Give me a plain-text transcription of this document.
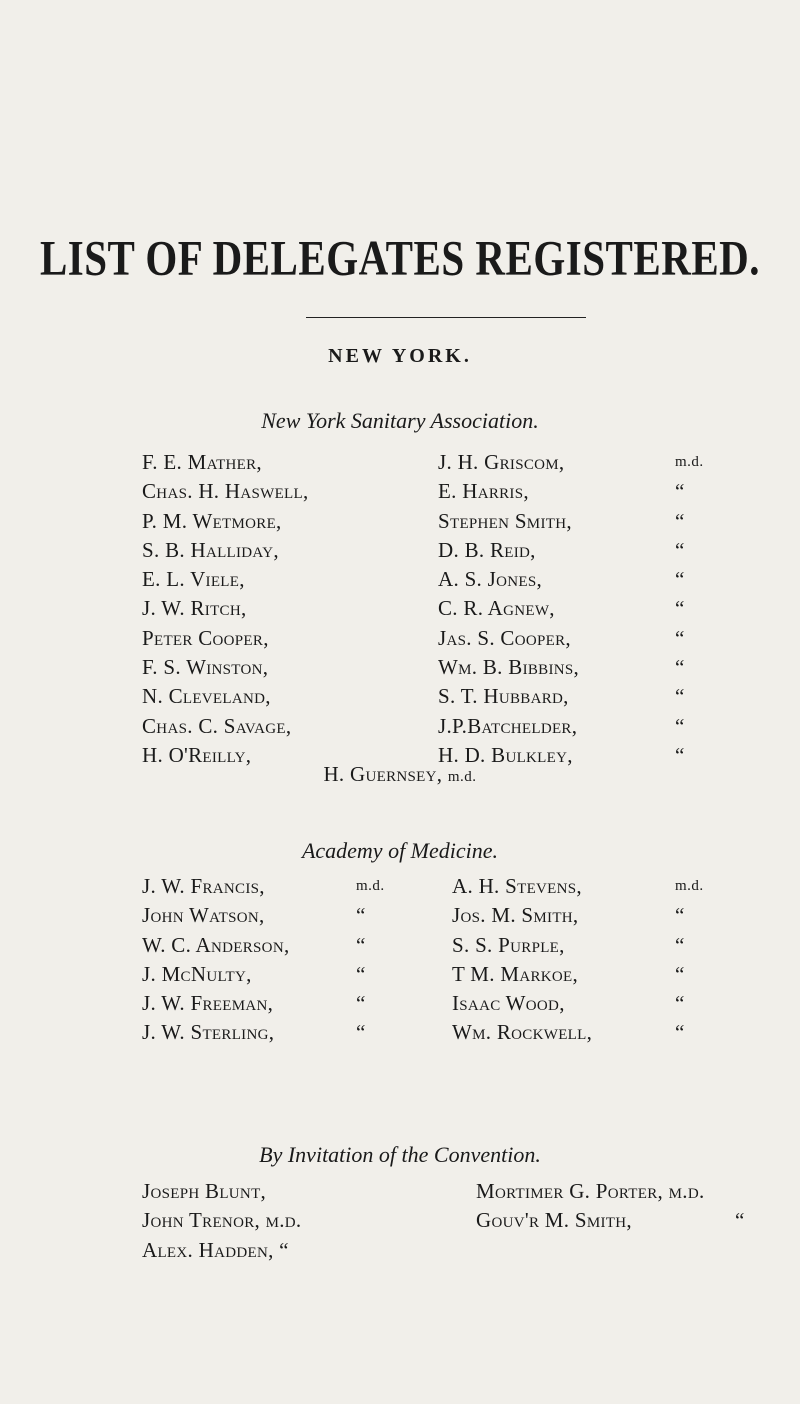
LIST OF DELEGATES REGISTERED.
NEW YORK.
New York Sanitary Association.
F. E. Mather,
Chas. H. Haswell,
P. M. Wetmore,
S. B. Halliday,
E. L. Viele,
J. W. Ritch,
Peter Cooper,
F. S. Winston,
N. Cleveland,
Chas. C. Savage,
H. O'Reilly,
J. H. Griscom,
E. Harris,
Stephen Smith,
D. B. Reid,
A. S. Jones,
C. R. Agnew,
Jas. S. Cooper,
Wm. B. Bibbins,
S. T. Hubbard,
J.P.Batchelder,
H. D. Bulkley,
m.d.
“
“
“
“
“
“
“
“
“
“
H. Guernsey, m.d.
Academy of Medicine.
J. W. Francis,
John Watson,
W. C. Anderson,
J. McNulty,
J. W. Freeman,
J. W. Sterling,
m.d.
“
“
“
“
“
A. H. Stevens,
Jos. M. Smith,
S. S. Purple,
T M. Markoe,
Isaac Wood,
Wm. Rockwell,
m.d.
“
“
“
“
“
By Invitation of the Convention.
Joseph Blunt,
John Trenor, m.d.
Alex. Hadden, “
Mortimer G. Porter, m.d.
Gouv'r M. Smith,	“
